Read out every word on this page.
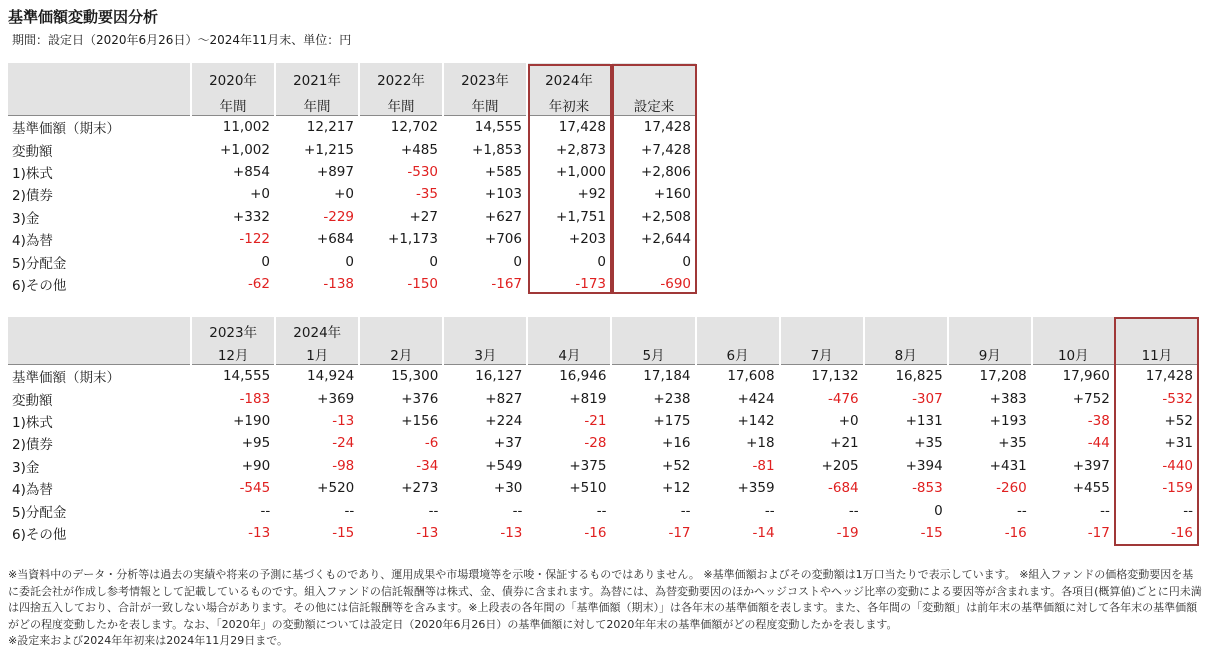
基準価額変動要因分析
期間：設定日（2020年6月26日）～2024年11月末、単位：円
	2020年	2021年	2022年	2023年	2024年	
	年間	年間	年間	年間	年初来	設定来
基準価額（期末）	11,002	12,217	12,702	14,555	17,428	17,428
変動額	+1,002	+1,215	+485	+1,853	+2,873	+7,428
1)株式	+854	+897	-530	+585	+1,000	+2,806
2)債券	+0	+0	-35	+103	+92	+160
3)金	+332	-229	+27	+627	+1,751	+2,508
4)為替	-122	+684	+1,173	+706	+203	+2,644
5)分配金	0	0	0	0	0	0
6)その他	-62	-138	-150	-167	-173	-690
	2023年	2024年										
	12月	1月	2月	3月	4月	5月	6月	7月	8月	9月	10月	11月
基準価額（期末）	14,555	14,924	15,300	16,127	16,946	17,184	17,608	17,132	16,825	17,208	17,960	17,428
変動額	-183	+369	+376	+827	+819	+238	+424	-476	-307	+383	+752	-532
1)株式	+190	-13	+156	+224	-21	+175	+142	+0	+131	+193	-38	+52
2)債券	+95	-24	-6	+37	-28	+16	+18	+21	+35	+35	-44	+31
3)金	+90	-98	-34	+549	+375	+52	-81	+205	+394	+431	+397	-440
4)為替	-545	+520	+273	+30	+510	+12	+359	-684	-853	-260	+455	-159
5)分配金	--	--	--	--	--	--	--	--	0	--	--	--
6)その他	-13	-15	-13	-13	-16	-17	-14	-19	-15	-16	-17	-16

※当資料中のデータ・分析等は過去の実績や将来の予測に基づくものであり、運用成果や市場環境等を示唆・保証するものではありません。 ※基準価額およびその変動額は1万口当たりで表示しています。 ※組入ファンドの価格変動要因を基に委託会社が作成し参考情報として記載しているものです。組入ファンドの信託報酬等は株式、金、債券に含まれます。為替には、為替変動要因のほかヘッジコストやヘッジ比率の変動による要因等が含まれます。各項目(概算値)ごとに円未満は四捨五入しており、合計が一致しない場合があります。その他には信託報酬等を含みます。※上段表の各年間の「基準価額（期末）」は各年末の基準価額を表します。また、各年間の「変動額」は前年末の基準価額に対して各年末の基準価額がどの程度変動したかを表します。なお、「2020年」の変動額については設定日（2020年6月26日）の基準価額に対して2020年年末の基準価額がどの程度変動したかを表します。

※設定来および2024年年初来は2024年11月29日まで。
